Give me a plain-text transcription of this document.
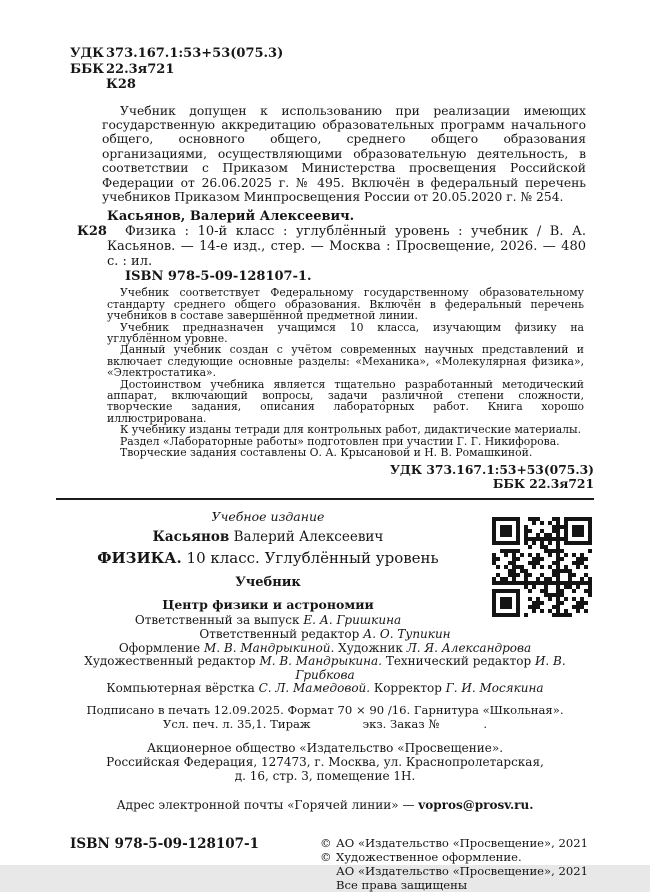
УДК 373.167.1:53+53(075.3)
ББК 22.3я721
К28

Учебник допущен к использованию при реализации имеющих государственную аккредитацию образовательных программ начального общего, основного общего, среднего общего образования организациями, осуществляющими образовательную деятельность, в соответствии с Приказом Министерства просвещения Российской Федерации от 26.06.2025 г. № 495. Включён в федеральный перечень учебников Приказом Минпросвещения России от 20.05.2020 г. № 254.

К28

Касьянов, Валерий Алексеевич.

Физика : 10-й класс : углублённый уровень : учебник / В. А. Касьянов. — 14-е изд., стер. — Москва : Просвещение, 2026. — 480 с. : ил.

ISBN 978-5-09-128107-1.

Учебник соответствует Федеральному государственному образовательному стандарту среднего общего образования. Включён в федеральный перечень учебников в составе завершённой предметной линии.

Учебник предназначен учащимся 10 класса, изучающим физику на углублённом уровне.

Данный учебник создан с учётом современных научных представлений и включает следующие основные разделы: «Механика», «Молекулярная физика», «Электростатика».

Достоинством учебника является тщательно разработанный методический аппарат, включающий вопросы, задачи различной степени сложности, творческие задания, описания лабораторных работ. Книга хорошо иллюстрирована.

К учебнику изданы тетради для контрольных работ, дидактические материалы.

Раздел «Лабораторные работы» подготовлен при участии Г. Г. Никифорова.

Творческие задания составлены О. А. Крысановой и Н. В. Ромашкиной.

УДК 373.167.1:53+53(075.3)
ББК 22.3я721
Учебное издание
Касьянов Валерий Алексеевич
ФИЗИКА. 10 класс. Углублённый уровень
Учебник
Центр физики и астрономии
Ответственный за выпуск Е. А. Гришкина
Ответственный редактор А. О. Тупикин
Оформление М. В. Мандрыкиной. Художник Л. Я. Александрова
Художественный редактор М. В. Мандрыкина. Технический редактор И. В. Грибкова
Компьютерная вёрстка С. Л. Мамедовой. Корректор Г. И. Мосякина
Подписано в печать 12.09.2025. Формат 70 × 90 /16. Гарнитура «Школьная».
Усл. печ. л. 35,1. Тираж	экз. Заказ №	.
Акционерное общество «Издательство «Просвещение».
Российская Федерация, 127473, г. Москва, ул. Краснопролетарская,
д. 16, стр. 3, помещение 1Н.
Адрес электронной почты «Горячей линии» — vopros@prosv.ru.
ISBN 978-5-09-128107-1	© АО «Издательство «Просвещение», 2021
© Художественное оформление.
АО «Издательство «Просвещение», 2021
Все права защищены
